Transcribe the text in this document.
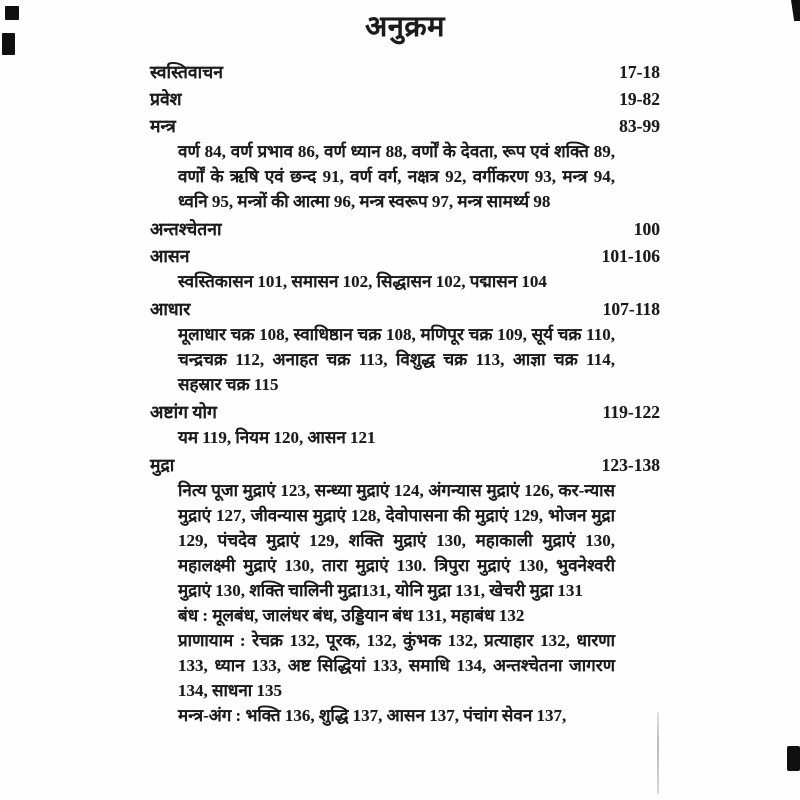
अनुक्रम
स्वस्तिवाचन	17-18
प्रवेश	19-82
मन्त्र	83-99

वर्ण 84, वर्ण प्रभाव 86, वर्ण ध्यान 88, वर्णों के देवता, रूप एवं शक्ति 89, वर्णों के ऋषि एवं छन्द 91, वर्ण वर्ग, नक्षत्र 92, वर्गीकरण 93, मन्त्र 94, ध्वनि 95, मन्त्रों की आत्मा 96, मन्त्र स्वरूप 97, मन्त्र सामर्थ्य 98

अन्तश्चेतना	100
आसन	101-106

स्वस्तिकासन 101, समासन 102, सिद्धासन 102, पद्मासन 104

आधार	107-118

मूलाधार चक्र 108, स्वाधिष्ठान चक्र 108, मणिपूर चक्र 109, सूर्य चक्र 110, चन्द्रचक्र 112, अनाहत चक्र 113, विशुद्ध चक्र 113, आज्ञा चक्र 114, सहस्रार चक्र 115

अष्टांग योग	119-122

यम 119, नियम 120, आसन 121

मुद्रा	123-138

नित्य पूजा मुद्राएं 123, सन्ध्या मुद्राएं 124, अंगन्यास मुद्राएं 126, कर-न्यास मुद्राएं 127, जीवन्यास मुद्राएं 128, देवोपासना की मुद्राएं 129, भोजन मुद्रा 129, पंचदेव मुद्राएं 129, शक्ति मुद्राएं 130, महाकाली मुद्राएं 130, महालक्ष्मी मुद्राएं 130, तारा मुद्राएं 130. त्रिपुरा मुद्राएं 130, भुवनेश्वरी मुद्राएं 130, शक्ति चालिनी मुद्रा131, योनि मुद्रा 131, खेचरी मुद्रा 131

बंध : मूलबंध, जालंधर बंध, उड्डियान बंध 131, महाबंध 132

प्राणायाम : रेचक्र 132, पूरक, 132, कुंभक 132, प्रत्याहार 132, धारणा 133, ध्यान 133, अष्ट सिद्धियां 133, समाधि 134, अन्तश्चेतना जागरण 134, साधना 135

मन्त्र-अंग : भक्ति 136, शुद्धि 137, आसन 137, पंचांग सेवन 137,
